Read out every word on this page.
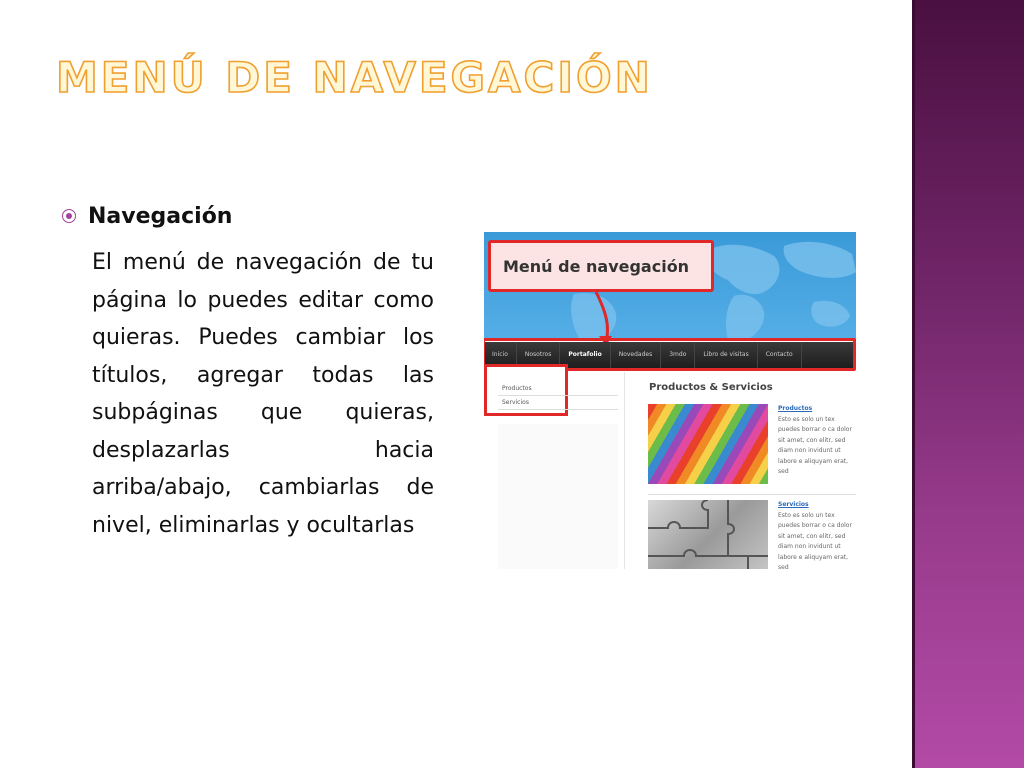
MENÚ DE NAVEGACIÓN
Navegación

El menú de navegación de tu página lo puedes editar como quieras. Puedes cambiar los títulos, agregar todas las subpáginas que quieras, desplazarlas hacia arriba/abajo, cambiarlas de nivel, eliminarlas y ocultarlas

Menú de navegación
Inicio	Nosotros	Portafolio	Novedades	3mdo	Libro de visitas	Contacto
Productos
Servicios
Productos & Servicios
Productos
Esto es solo un tex puedes borrar o ca dolor sit amet, con elitr, sed diam non invidunt ut labore e aliquyam erat, sed
Servicios
Esto es solo un tex puedes borrar o ca dolor sit amet, con elitr, sed diam non invidunt ut labore e aliquyam erat, sed
